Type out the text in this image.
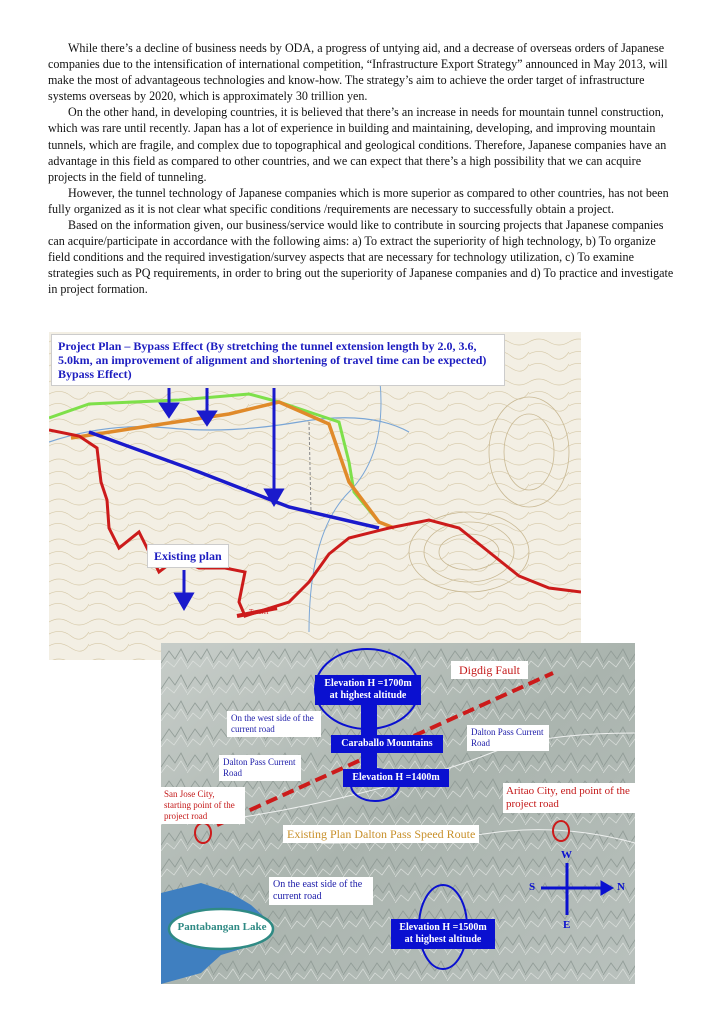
While there’s a decline of business needs by ODA, a progress of untying aid, and a decrease of overseas orders of Japanese companies due to the intensification of international competition, “Infrastructure Export Strategy” announced in May 2013, will make the most of advantageous technologies and know-how. The strategy’s aim to achieve the order target of infrastructure systems overseas by 2020, which is approximately 30 trillion yen.

On the other hand, in developing countries, it is believed that there’s an increase in needs for mountain tunnel construction, which was rare until recently. Japan has a lot of experience in building and maintaining, developing, and improving mountain tunnels, which are fragile, and complex due to topographical and geological conditions. Therefore, Japanese companies have an advantage in this field as compared to other countries, and we can expect that there’s a high possibility that we can acquire projects in the field of tunneling.

However, the tunnel technology of Japanese companies which is more superior as compared to other countries, has not been fully organized as it is not clear what specific conditions /requirements are necessary to successfully obtain a project.

Based on the information given, our business/service would like to contribute in sourcing projects that Japanese companies can acquire/participate in accordance with the following aims: a) To extract the superiority of high technology, b) To organize field conditions and the required investigation/survey aspects that are necessary for technology utilization, c) To examine strategies such as PQ requirements, in order to bring out the superiority of Japanese companies and d) To practice and investigate in project formation.

Project Plan – Bypass Effect (By stretching the tunnel extension length by 2.0, 3.6, 5.0km, an improvement of alignment and shortening of travel time can be expected) Bypass Effect)
Existing plan
Tunnel
Elevation H =1700m at highest altitude
Caraballo Mountains
Elevation H =1400m
Elevation H =1500m at highest altitude
Digdig Fault
On the west side of the current road	Dalton Pass Current Road
Dalton Pass Current Road
San Jose City, starting point of the project road
Aritao City, end point of the project road
Existing Plan Dalton Pass Speed Route
On the east side of the current road
Pantabangan Lake
W
S	N
E
